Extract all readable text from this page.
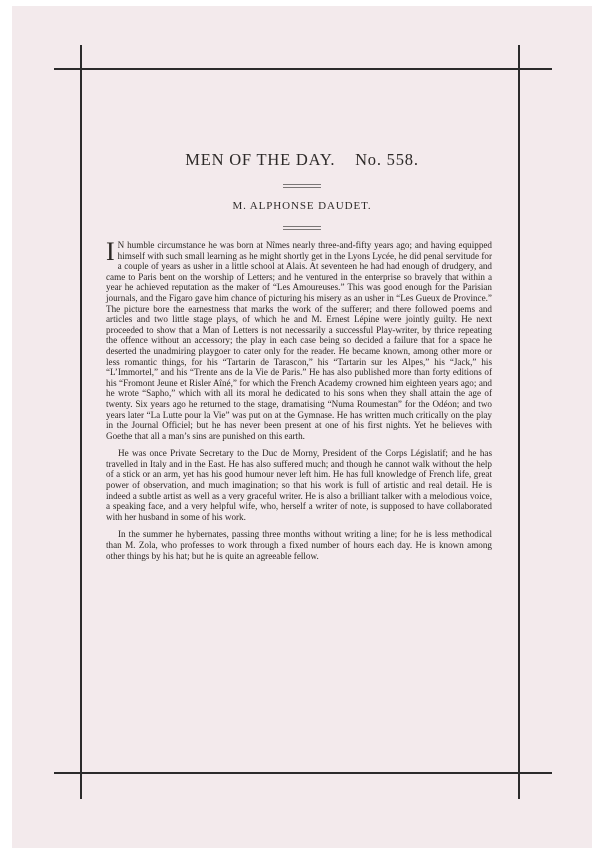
MEN OF THE DAY. No. 558.
M. ALPHONSE DAUDET.

I N humble circumstance he was born at Nîmes nearly three-and-fifty years ago; and having equipped himself with such small learning as he might shortly get in the Lyons Lycée, he did penal servitude for a couple of years as usher in a little school at Alais. At seventeen he had had enough of drudgery, and came to Paris bent on the worship of Letters; and he ventured in the enterprise so bravely that within a year he achieved reputation as the maker of “Les Amoureuses.” This was good enough for the Parisian journals, and the Figaro gave him chance of picturing his misery as an usher in “Les Gueux de Province.” The picture bore the earnestness that marks the work of the sufferer; and there followed poems and articles and two little stage plays, of which he and M. Ernest Lépine were jointly guilty. He next proceeded to show that a Man of Letters is not necessarily a successful Play-writer, by thrice repeating the offence without an accessory; the play in each case being so decided a failure that for a space he deserted the unadmiring playgoer to cater only for the reader. He became known, among other more or less romantic things, for his “Tartarin de Tarascon,” his “Tartarin sur les Alpes,” his “Jack,” his “L’Immortel,” and his “Trente ans de la Vie de Paris.” He has also published more than forty editions of his “Fromont Jeune et Risler Aîné,” for which the French Academy crowned him eighteen years ago; and he wrote “Sapho,” which with all its moral he dedicated to his sons when they shall attain the age of twenty. Six years ago he returned to the stage, dramatising “Numa Roumestan” for the Odéon; and two years later “La Lutte pour la Vie” was put on at the Gymnase. He has written much critically on the play in the Journal Officiel; but he has never been present at one of his first nights. Yet he believes with Goethe that all a man’s sins are punished on this earth.

He was once Private Secretary to the Duc de Morny, President of the Corps Législatif; and he has travelled in Italy and in the East. He has also suffered much; and though he cannot walk without the help of a stick or an arm, yet has his good humour never left him. He has full knowledge of French life, great power of observation, and much imagination; so that his work is full of artistic and real detail. He is indeed a subtle artist as well as a very graceful writer. He is also a brilliant talker with a melodious voice, a speaking face, and a very helpful wife, who, herself a writer of note, is supposed to have collaborated with her husband in some of his work.

In the summer he hybernates, passing three months without writing a line; for he is less methodical than M. Zola, who professes to work through a fixed number of hours each day. He is known among other things by his hat; but he is quite an agreeable fellow.
